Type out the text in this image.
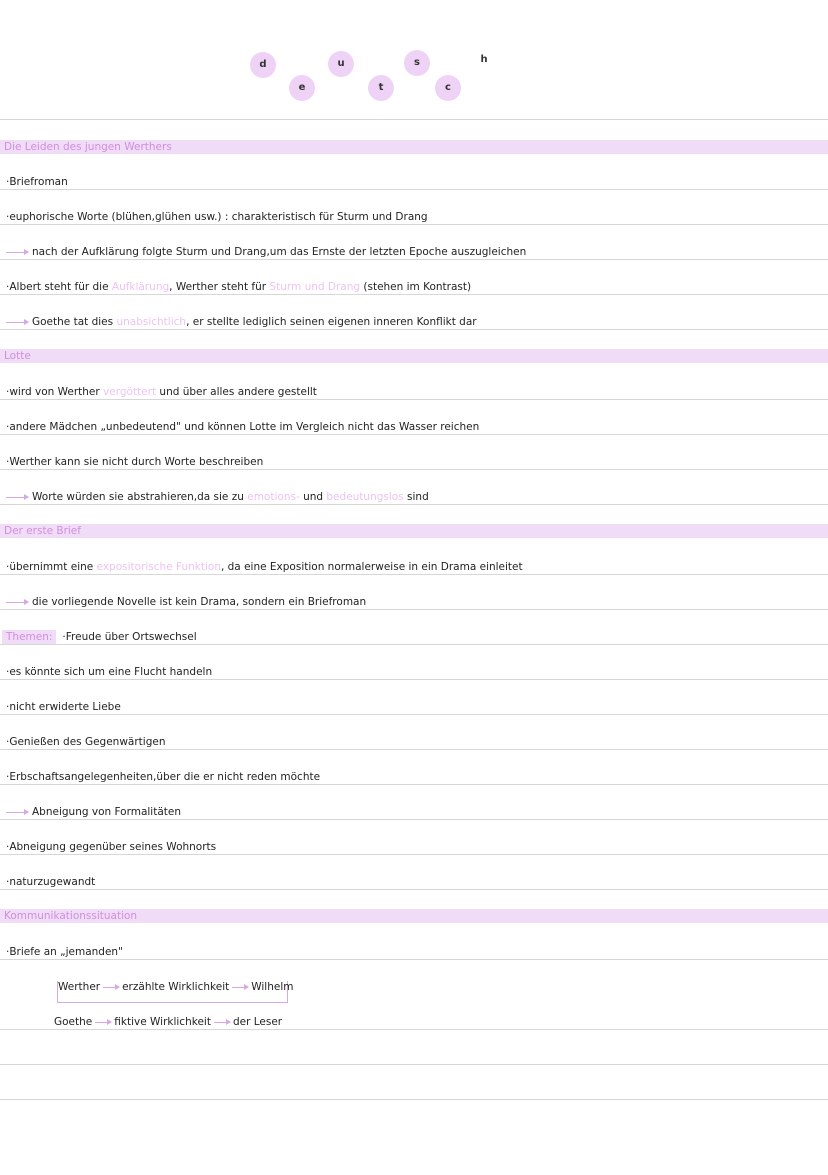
d
e
u
t
s
c
h
Die Leiden des jungen Werthers
·Briefroman
·euphorische Worte (blühen,glühen usw.) : charakteristisch für Sturm und Drang
nach der Aufklärung folgte Sturm und Drang,um das Ernste der letzten Epoche auszugleichen
·Albert steht für die Aufklärung, Werther steht für Sturm und Drang (stehen im Kontrast)
Goethe tat dies unabsichtlich, er stellte lediglich seinen eigenen inneren Konflikt dar
Lotte
·wird von Werther vergöttert und über alles andere gestellt
·andere Mädchen „unbedeutend" und können Lotte im Vergleich nicht das Wasser reichen
·Werther kann sie nicht durch Worte beschreiben
Worte würden sie abstrahieren,da sie zu emotions- und bedeutungslos sind
Der erste Brief
·übernimmt eine expositorische Funktion, da eine Exposition normalerweise in ein Drama einleitet
die vorliegende Novelle ist kein Drama, sondern ein Briefroman
Themen: ·Freude über Ortswechsel
·es könnte sich um eine Flucht handeln
·nicht erwiderte Liebe
·Genießen des Gegenwärtigen
·Erbschaftsangelegenheiten,über die er nicht reden möchte
Abneigung von Formalitäten
·Abneigung gegenüber seines Wohnorts
·naturzugewandt
Kommunikationssituation
·Briefe an „jemanden"
Werther erzählte Wirklichkeit Wilhelm
Goethe fiktive Wirklichkeit der Leser
